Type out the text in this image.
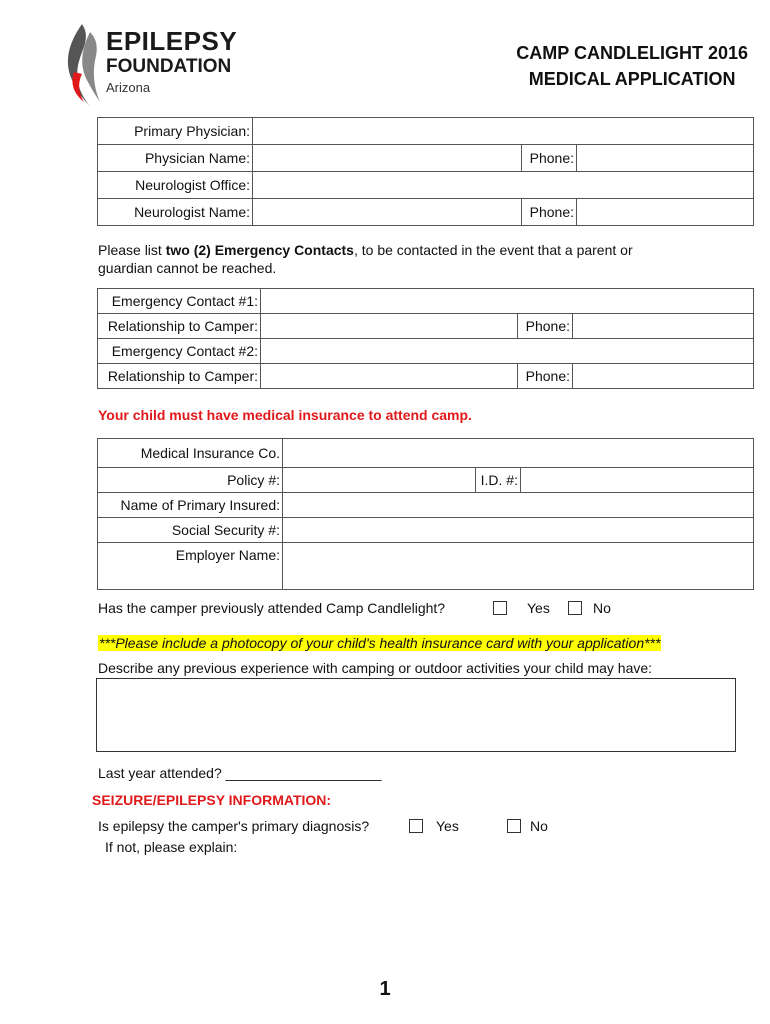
EPILEPSY
FOUNDATION
Arizona
CAMP CANDLELIGHT 2016
MEDICAL APPLICATION
Primary Physician:			
Physician Name:		Phone:	
Neurologist Office:			
Neurologist Name:		Phone:	
Please list two (2) Emergency Contacts, to be contacted in the event that a parent or
guardian cannot be reached.
Emergency Contact #1:			
Relationship to Camper:		Phone:	
Emergency Contact #2:			
Relationship to Camper:		Phone:	
Your child must have medical insurance to attend camp.
Medical Insurance Co.			
Policy #:		I.D. #:	
Name of Primary Insured:			
Social Security #:			
Employer Name:			
Has the camper previously attended Camp Candlelight?	Yes	No
***Please include a photocopy of your child's health insurance card with your application***
Describe any previous experience with camping or outdoor activities your child may have:
Last year attended? ____________________
SEIZURE/EPILEPSY INFORMATION:
Is epilepsy the camper's primary diagnosis?	Yes	No
If not, please explain:
1
